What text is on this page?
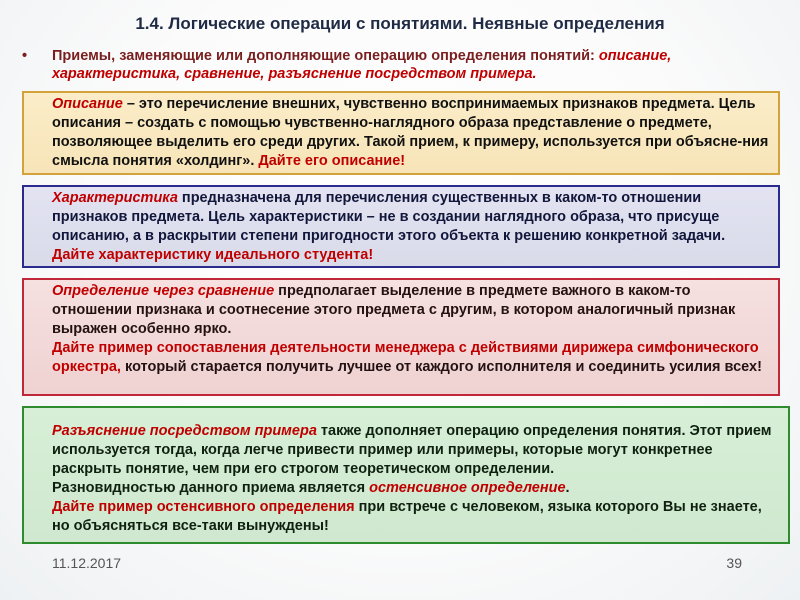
1.4. Логические операции с понятиями. Неявные определения
•	Приемы, заменяющие или дополняющие операцию определения понятий: описание, характеристика, сравнение, разъяснение посредством примера.

Описание – это перечисление внешних, чувственно воспринимаемых признаков предмета. Цель описания – создать с помощью чувственно-наглядного образа представление о предмете, позволяющее выделить его среди других. Такой прием, к примеру, используется при объясне-ния смысла понятия «холдинг». Дайте его описание!

Характеристика предназначена для перечисления существенных в каком-то отношении признаков предмета. Цель характеристики – не в создании наглядного образа, что присуще описанию, а в раскрытии степени пригодности этого объекта к решению конкретной задачи.

Дайте характеристику идеального студента!

Определение через сравнение предполагает выделение в предмете важного в каком-то отношении признака и соотнесение этого предмета с другим, в котором аналогичный признак выражен особенно ярко.

Дайте пример сопоставления деятельности менеджера с действиями дирижера симфонического оркестра, который старается получить лучшее от каждого исполнителя и соединить усилия всех!

Разъяснение посредством примера также дополняет операцию определения понятия. Этот прием используется тогда, когда легче привести пример или примеры, которые могут конкретнее раскрыть понятие, чем при его строгом теоретическом определении.

Разновидностью данного приема является остенсивное определение.

Дайте пример остенсивного определения при встрече с человеком, языка которого Вы не знаете, но объясняться все-таки вынуждены!

11.12.2017	39
